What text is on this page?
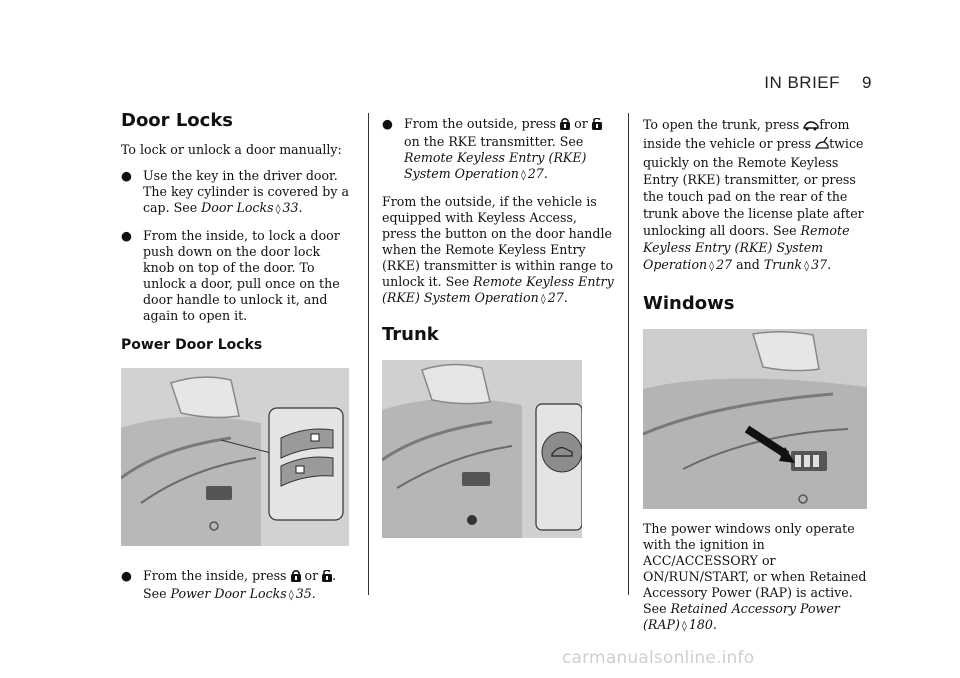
IN BRIEF 9
Door Locks

To lock or unlock a door manually:

● Use the key in the driver door. The key cylinder is covered by a cap. See Door Locks ◊ 33.
● From the inside, to lock a door push down on the door lock knob on top of the door. To unlock a door, pull once on the door handle to unlock it, and again to open it.
Power Door Locks
● From the inside, press  or .
See Power Door Locks ◊ 35.
● From the outside, press  or
on the RKE transmitter. See Remote Keyless Entry (RKE) System Operation ◊ 27.

From the outside, if the vehicle is equipped with Keyless Access, press the button on the door handle when the Remote Keyless Entry (RKE) transmitter is within range to unlock it. See Remote Keyless Entry (RKE) System Operation ◊ 27.

Trunk

To open the trunk, press from
inside the vehicle or press twice
quickly on the Remote Keyless Entry (RKE) transmitter, or press the touch pad on the rear of the trunk above the license plate after unlocking all doors. See Remote Keyless Entry (RKE) System Operation ◊ 27 and Trunk ◊ 37.

Windows

The power windows only operate with the ignition in ACC/ACCESSORY or ON/RUN/START, or when Retained Accessory Power (RAP) is active. See Retained Accessory Power (RAP) ◊ 180.

carmanualsonline.info
